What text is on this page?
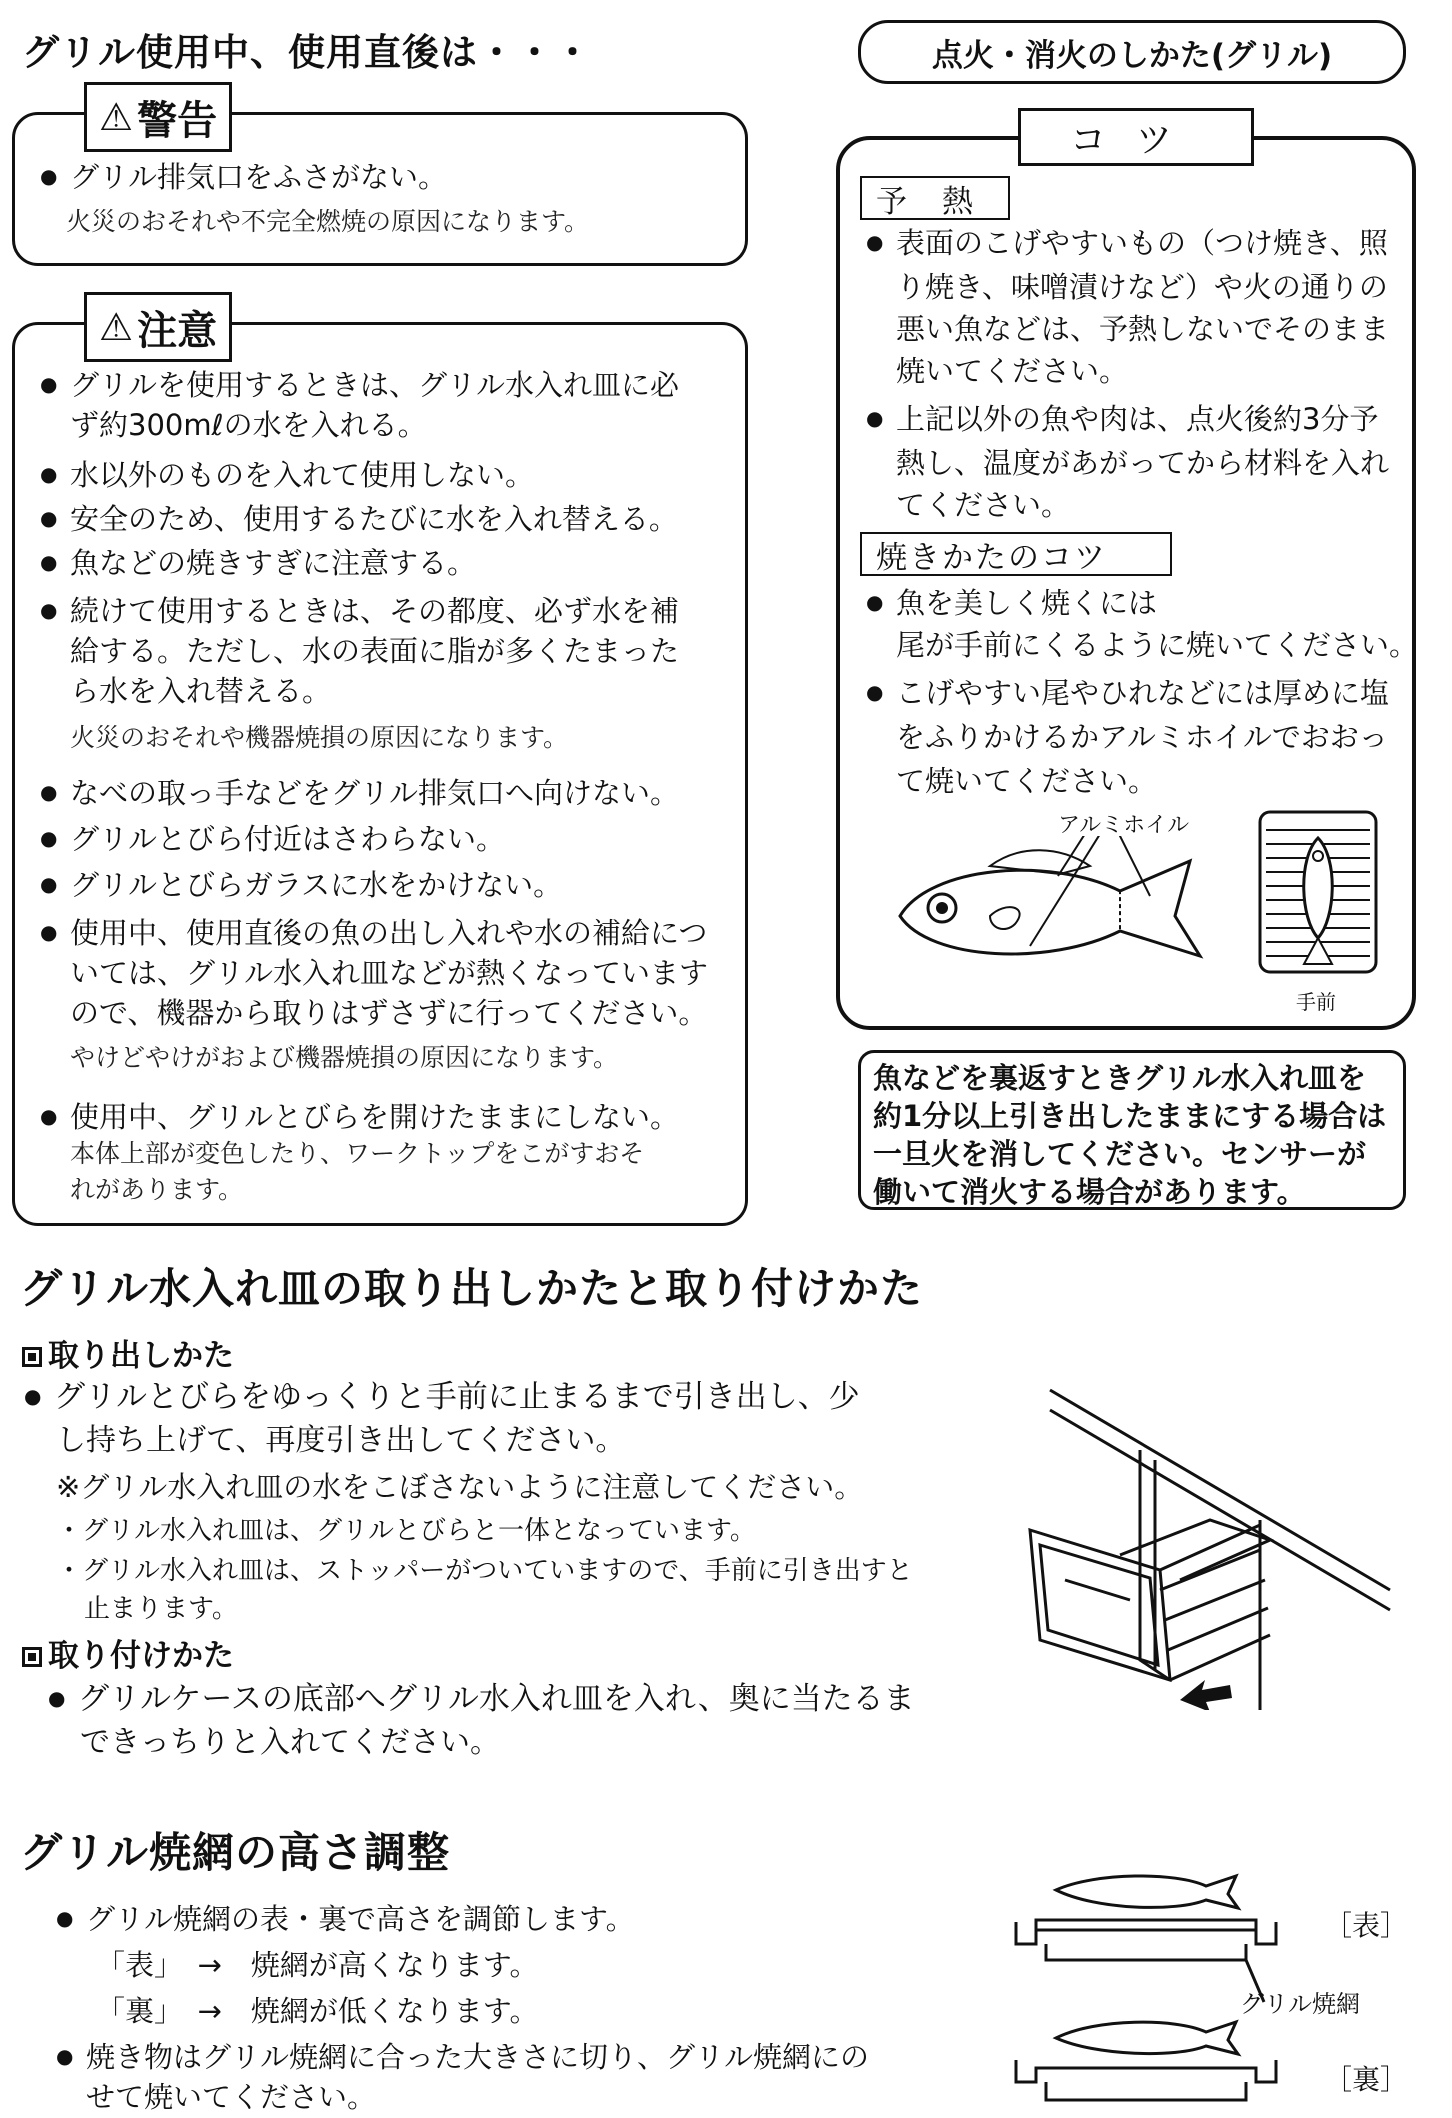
グリル使用中、使用直後は・・・	点火・消火のしかた(グリル)
⚠ 警告
● グリル排気口をふさがない。
火災のおそれや不完全燃焼の原因になります。
⚠ 注意
● グリルを使用するときは、グリル水入れ皿に必
ず約300mℓの水を入れる。
● 水以外のものを入れて使用しない。
● 安全のため、使用するたびに水を入れ替える。
● 魚などの焼きすぎに注意する。
● 続けて使用するときは、その都度、必ず水を補
給する。ただし、水の表面に脂が多くたまった
ら水を入れ替える。
火災のおそれや機器焼損の原因になります。
● なべの取っ手などをグリル排気口へ向けない。
● グリルとびら付近はさわらない。
● グリルとびらガラスに水をかけない。
● 使用中、使用直後の魚の出し入れや水の補給につ
いては、グリル水入れ皿などが熱くなっています
ので、機器から取りはずさずに行ってください。
やけどやけがおよび機器焼損の原因になります。
● 使用中、グリルとびらを開けたままにしない。
本体上部が変色したり、ワークトップをこがすおそ
れがあります。
コツ
予　熱
● 表面のこげやすいもの（つけ焼き、照
り焼き、味噌漬けなど）や火の通りの
悪い魚などは、予熱しないでそのまま
焼いてください。
● 上記以外の魚や肉は、点火後約3分予
熱し、温度があがってから材料を入れ
てください。
焼きかたのコツ
● 魚を美しく焼くには
尾が手前にくるように焼いてください。
● こげやすい尾やひれなどには厚めに塩
をふりかけるかアルミホイルでおおっ
て焼いてください。
アルミホイル
手前
魚などを裏返すときグリル水入れ皿を
約1分以上引き出したままにする場合は
一旦火を消してください。センサーが
働いて消火する場合があります。
グリル水入れ皿の取り出しかたと取り付けかた
取り出しかた
● グリルとびらをゆっくりと手前に止まるまで引き出し、少
し持ち上げて、再度引き出してください。
※グリル水入れ皿の水をこぼさないように注意してください。
・グリル水入れ皿は、グリルとびらと一体となっています。
・グリル水入れ皿は、ストッパーがついていますので、手前に引き出すと
止まります。
取り付けかた
● グリルケースの底部へグリル水入れ皿を入れ、奥に当たるま
できっちりと入れてください。
グリル焼網の高さ調整
● グリル焼網の表・裏で高さを調節します。
「表」　→　焼網が高くなります。
「裏」　→　焼網が低くなります。
● 焼き物はグリル焼網に合った大きさに切り、グリル焼網にの
せて焼いてください。
［表］
グリル焼網
［裏］
